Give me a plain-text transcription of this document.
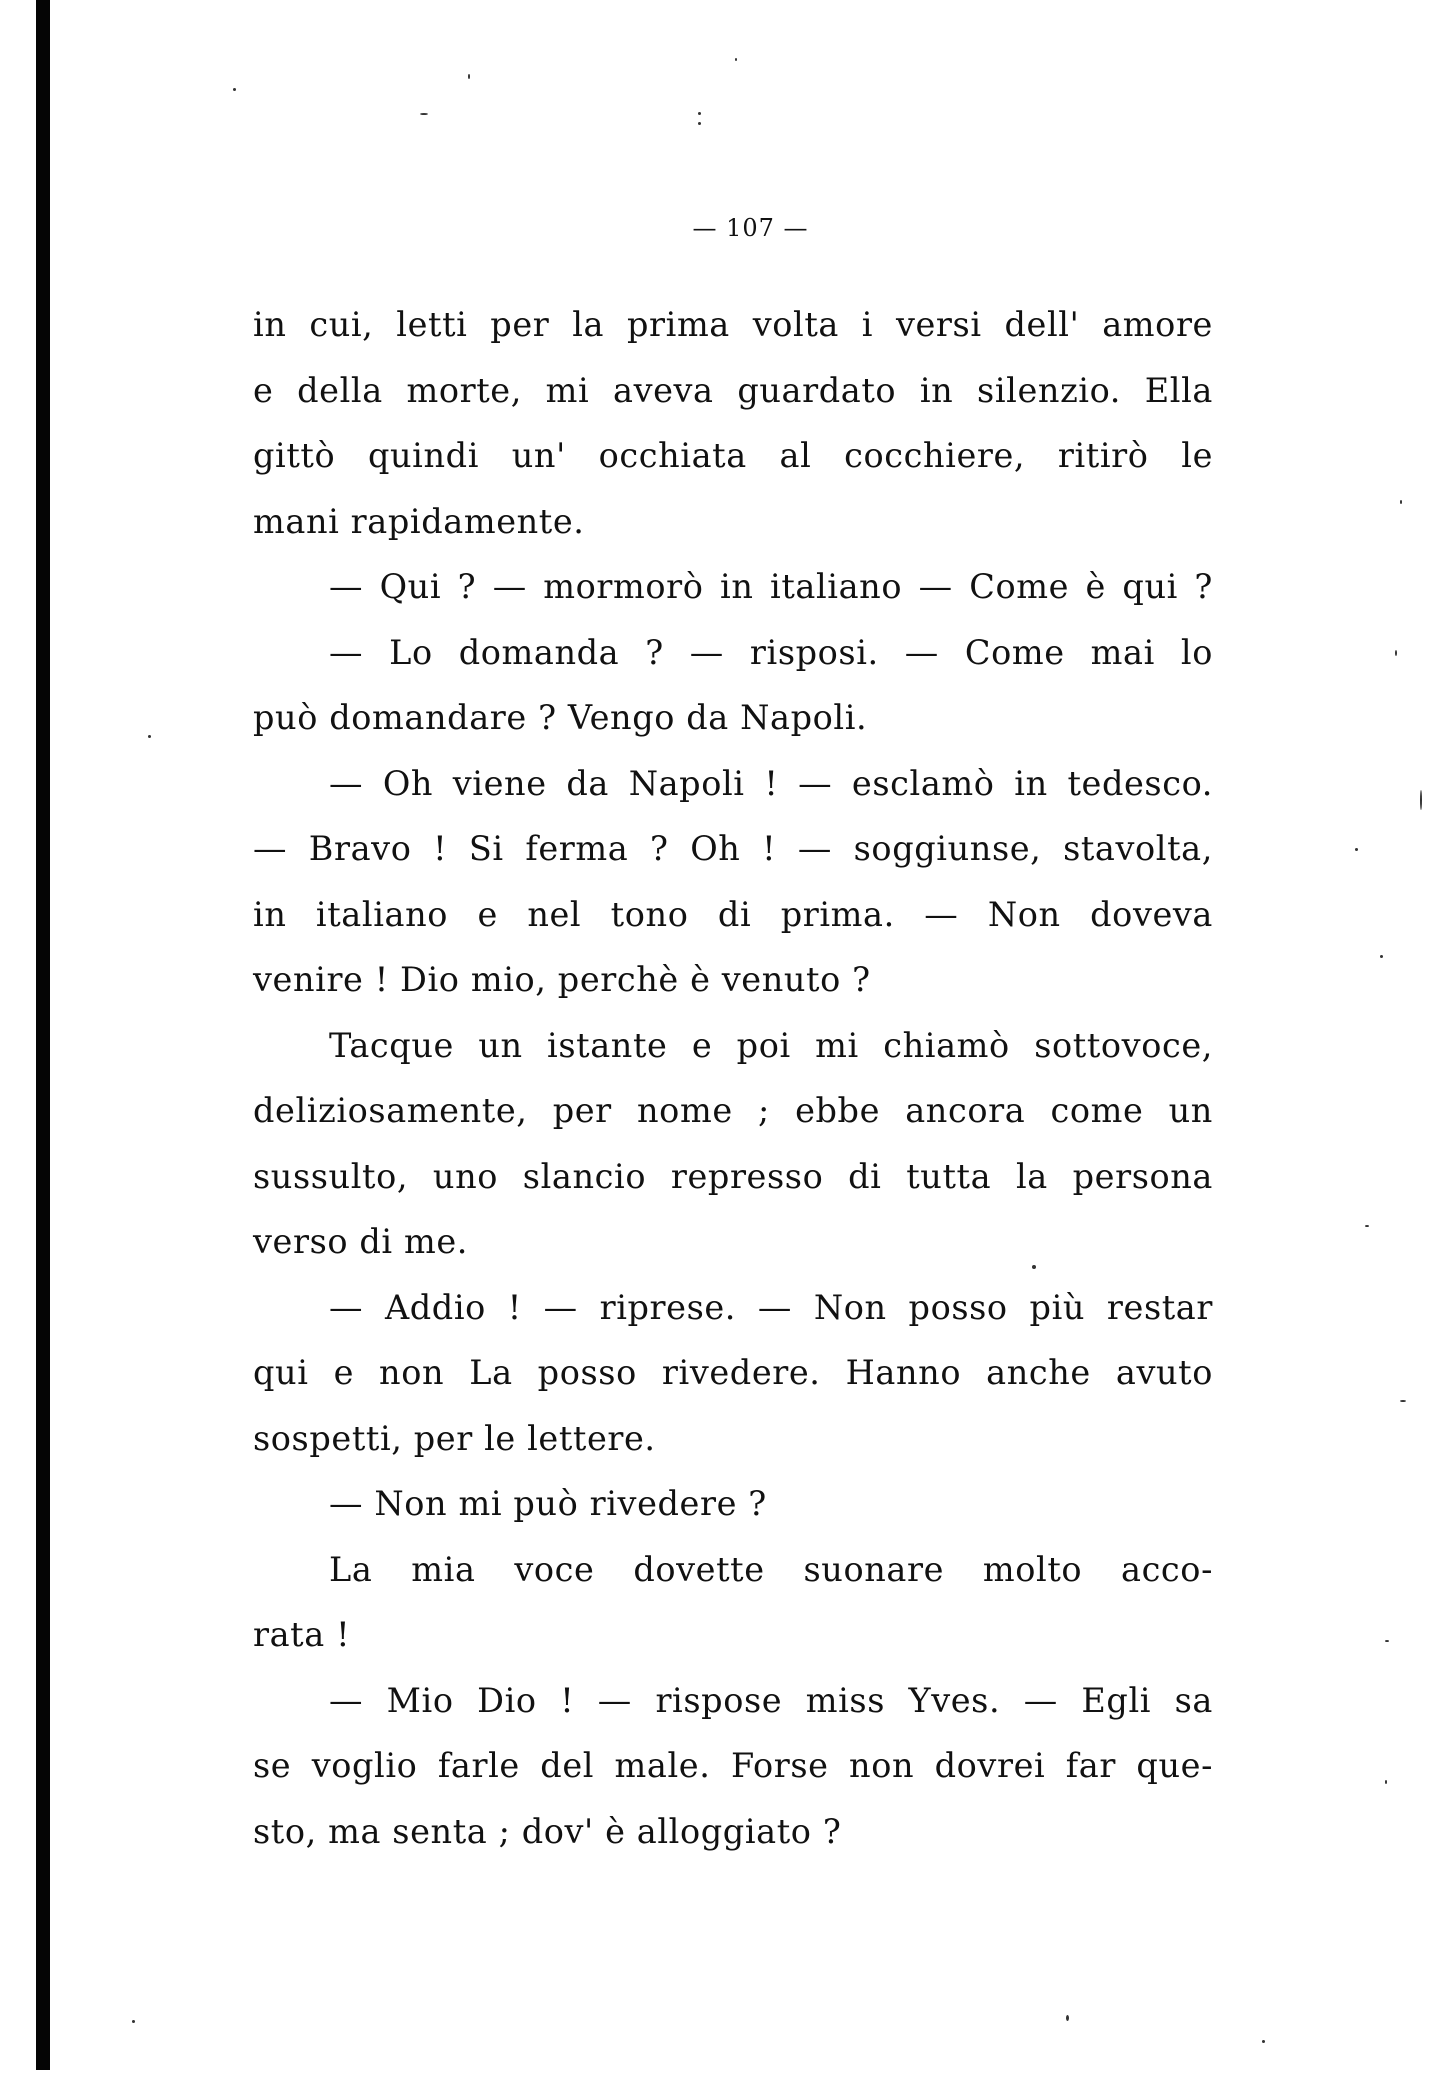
— 107 —
in cui, letti per la prima volta i versi dell' amore
e della morte, mi aveva guardato in silenzio. Ella
gittò quindi un' occhiata al cocchiere, ritirò le
mani rapidamente.
— Qui ? — mormorò in italiano — Come è qui ?
— Lo domanda ? — risposi. — Come mai lo
può domandare ? Vengo da Napoli.
— Oh viene da Napoli ! — esclamò in tedesco.
— Bravo ! Si ferma ? Oh ! — soggiunse, stavolta,
in italiano e nel tono di prima. — Non doveva
venire ! Dio mio, perchè è venuto ?
Tacque un istante e poi mi chiamò sottovoce,
deliziosamente, per nome ; ebbe ancora come un
sussulto, uno slancio represso di tutta la persona
verso di me.
— Addio ! — riprese. — Non posso più restar
qui e non La posso rivedere. Hanno anche avuto
sospetti, per le lettere.
— Non mi può rivedere ?
La mia voce dovette suonare molto acco-
rata !
— Mio Dio ! — rispose miss Yves. — Egli sa
se voglio farle del male. Forse non dovrei far que-
sto, ma senta ; dov' è alloggiato ?
